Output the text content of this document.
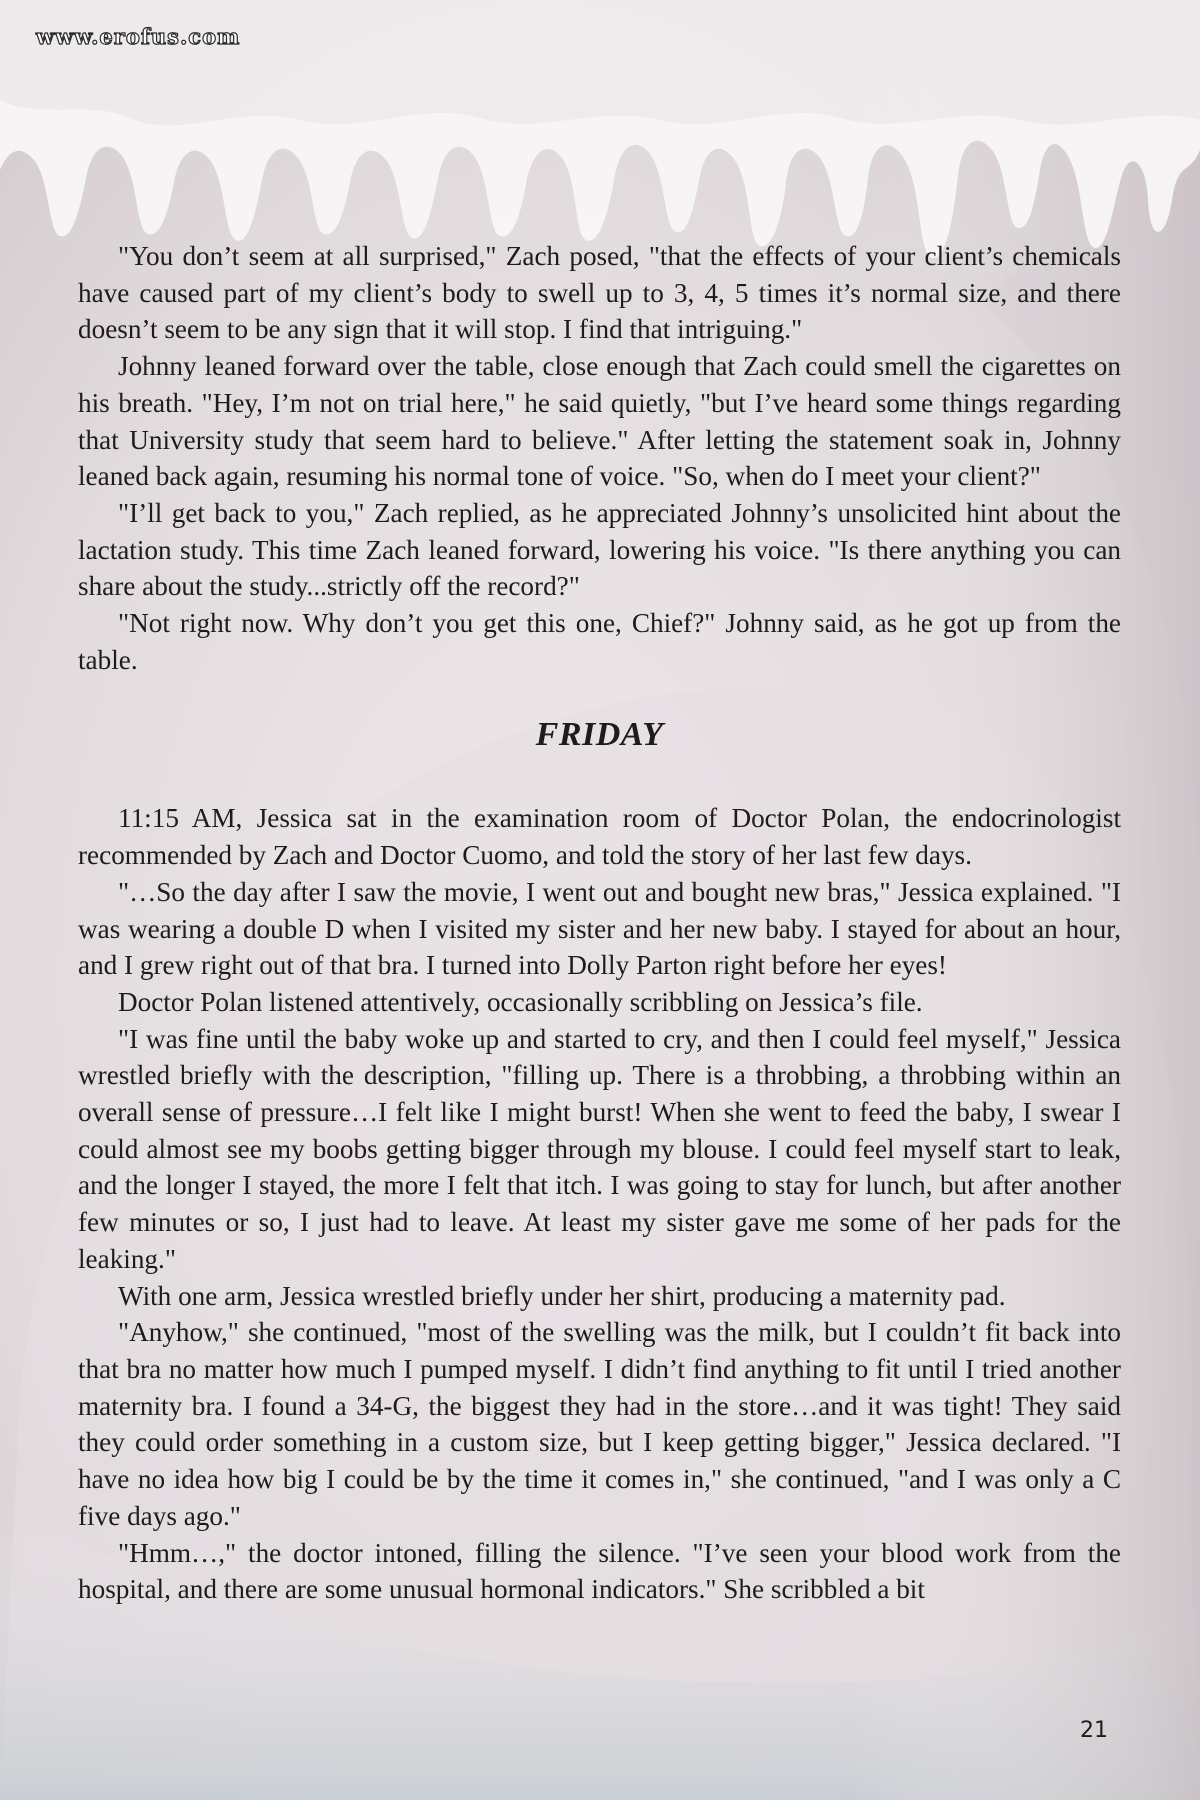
www.erofus.com

"You don’t seem at all surprised," Zach posed, "that the effects of your client’s chemicals have caused part of my client’s body to swell up to 3, 4, 5 times it’s normal size, and there doesn’t seem to be any sign that it will stop. I find that intriguing."

Johnny leaned forward over the table, close enough that Zach could smell the cigarettes on his breath. "Hey, I’m not on trial here," he said quietly, "but I’ve heard some things regarding that University study that seem hard to believe." After letting the statement soak in, Johnny leaned back again, resuming his normal tone of voice. "So, when do I meet your client?"

"I’ll get back to you," Zach replied, as he appreciated Johnny’s unsolicited hint about the lactation study. This time Zach leaned forward, lowering his voice. "Is there anything you can share about the study...strictly off the record?"

"Not right now. Why don’t you get this one, Chief?" Johnny said, as he got up from the table.

FRIDAY

11:15 AM, Jessica sat in the examination room of Doctor Polan, the endocrinologist recommended by Zach and Doctor Cuomo, and told the story of her last few days.

"…So the day after I saw the movie, I went out and bought new bras," Jessica explained. "I was wearing a double D when I visited my sister and her new baby. I stayed for about an hour, and I grew right out of that bra. I turned into Dolly Parton right before her eyes!

Doctor Polan listened attentively, occasionally scribbling on Jessica’s file.

"I was fine until the baby woke up and started to cry, and then I could feel myself," Jessica wrestled briefly with the description, "filling up. There is a throbbing, a throbbing within an overall sense of pressure…I felt like I might burst! When she went to feed the baby, I swear I could almost see my boobs getting bigger through my blouse. I could feel myself start to leak, and the longer I stayed, the more I felt that itch. I was going to stay for lunch, but after another few minutes or so, I just had to leave. At least my sister gave me some of her pads for the leaking."

With one arm, Jessica wrestled briefly under her shirt, producing a maternity pad.

"Anyhow," she continued, "most of the swelling was the milk, but I couldn’t fit back into that bra no matter how much I pumped myself. I didn’t find anything to fit until I tried another maternity bra. I found a 34-G, the biggest they had in the store…and it was tight! They said they could order something in a custom size, but I keep getting bigger," Jessica declared. "I have no idea how big I could be by the time it comes in," she continued, "and I was only a C five days ago."

"Hmm…," the doctor intoned, filling the silence. "I’ve seen your blood work from the hospital, and there are some unusual hormonal indicators." She scribbled a bit

21
